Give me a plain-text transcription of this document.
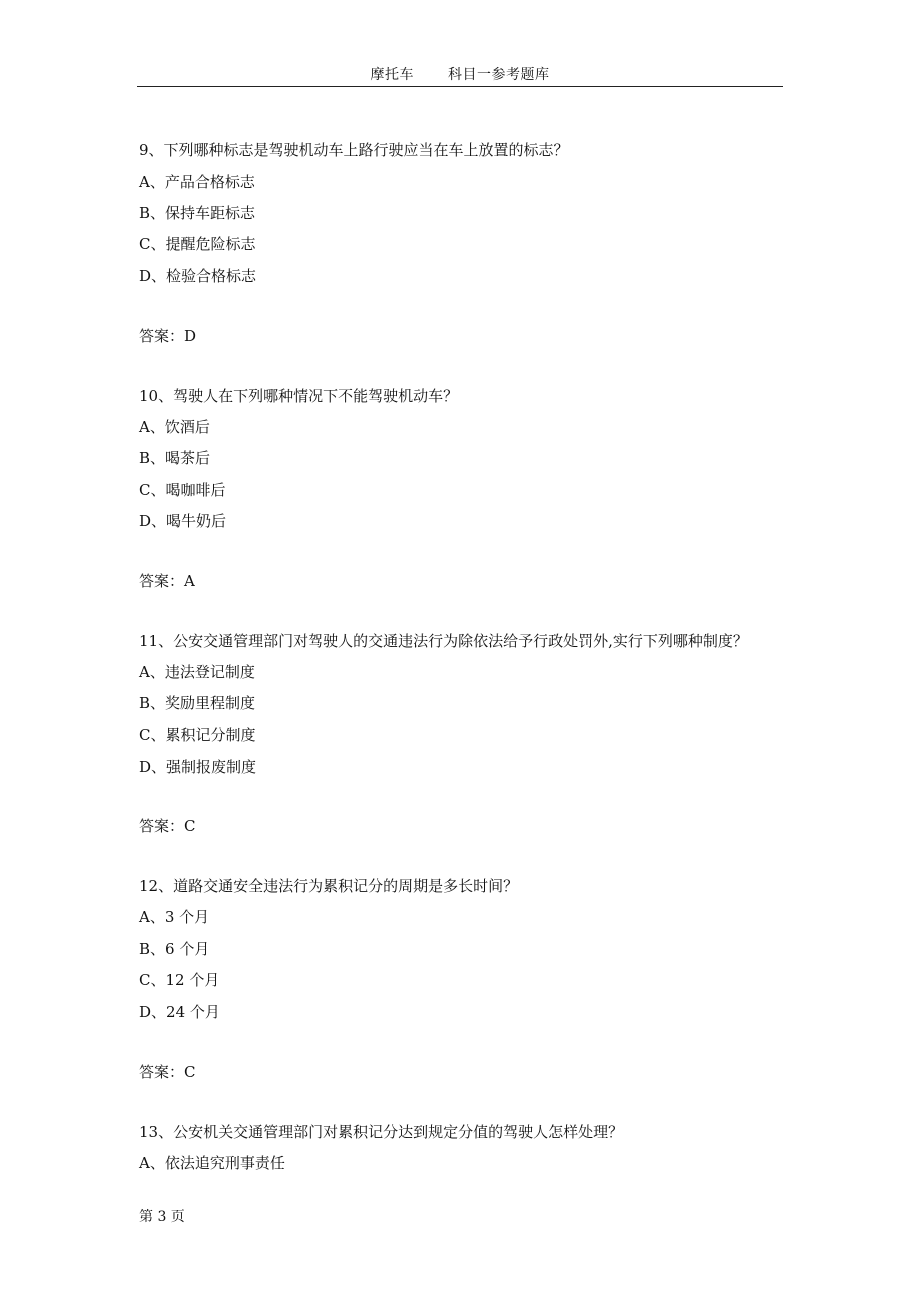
摩托车 科目一参考题库
9、下列哪种标志是驾驶机动车上路行驶应当在车上放置的标志？
A、产品合格标志
B、保持车距标志
C、提醒危险标志
D、检验合格标志
答案：D
10、驾驶人在下列哪种情况下不能驾驶机动车？
A、饮酒后
B、喝茶后
C、喝咖啡后
D、喝牛奶后
答案：A
11、公安交通管理部门对驾驶人的交通违法行为除依法给予行政处罚外,实行下列哪种制度？
A、违法登记制度
B、奖励里程制度
C、累积记分制度
D、强制报废制度
答案：C
12、道路交通安全违法行为累积记分的周期是多长时间？
A、3 个月
B、6 个月
C、12 个月
D、24 个月
答案：C
13、公安机关交通管理部门对累积记分达到规定分值的驾驶人怎样处理？
A、依法追究刑事责任
第 3 页
